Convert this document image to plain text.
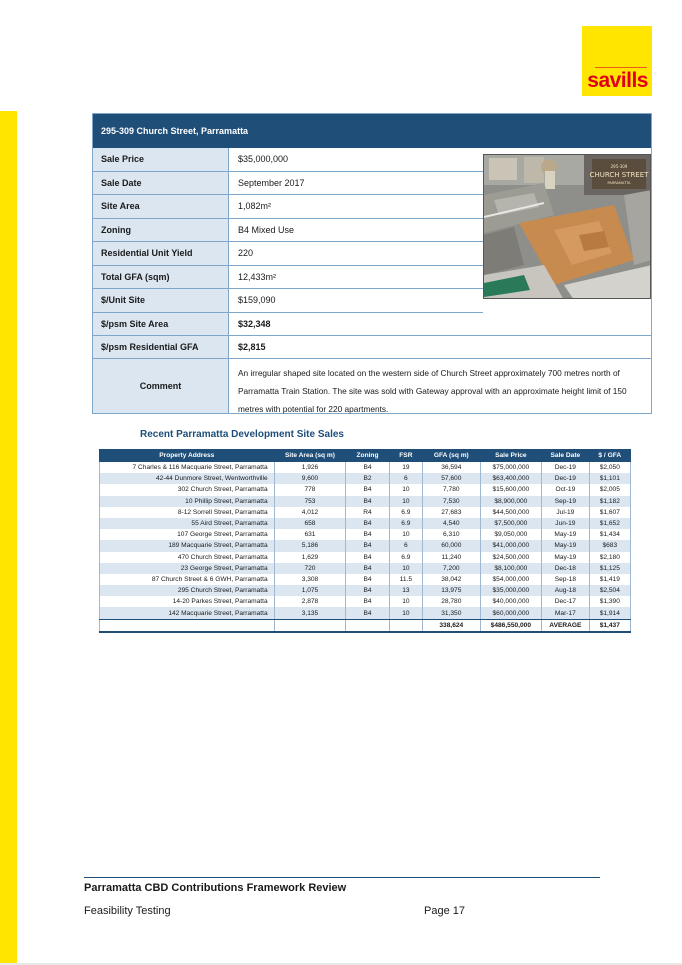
savills
295-309 Church Street, Parramatta
295-309
CHURCH STREET
PARRAMATTA
Sale Price	$35,000,000
Sale Date	September 2017
Site Area	1,082m²
Zoning	B4 Mixed Use
Residential Unit Yield	220
Total GFA (sqm)	12,433m²
$/Unit Site	$159,090
$/psm Site Area	$32,348
$/psm Residential GFA	$2,815
Comment
An irregular shaped site located on the western side of Church Street approximately 700 metres north of Parramatta Train Station. The site was sold with Gateway approval with an approximate height limit of 150 metres with potential for 220 apartments.
Recent Parramatta Development Site Sales
Property Address	Site Area (sq m)	Zoning	FSR	GFA (sq m)	Sale Price	Sale Date	$ / GFA
7 Charles & 116 Macquarie Street, Parramatta	1,926	B4	19	36,594	$75,000,000	Dec-19	$2,050
42-44 Dunmore Street, Wentworthville	9,600	B2	6	57,600	$63,400,000	Dec-19	$1,101
302 Church Street, Parramatta	778	B4	10	7,780	$15,600,000	Oct-19	$2,005
10 Phillip Street, Parramatta	753	B4	10	7,530	$8,900,000	Sep-19	$1,182
8-12 Sorrell Street, Parramatta	4,012	R4	6.9	27,683	$44,500,000	Jul-19	$1,607
55 Aird Street, Parramatta	658	B4	6.9	4,540	$7,500,000	Jun-19	$1,652
107 George Street, Parramatta	631	B4	10	6,310	$9,050,000	May-19	$1,434
189 Macquarie Street, Parramatta	5,186	B4	6	60,000	$41,000,000	May-19	$683
470 Church Street, Parramatta	1,629	B4	6.9	11,240	$24,500,000	May-19	$2,180
23 George Street, Parramatta	720	B4	10	7,200	$8,100,000	Dec-18	$1,125
87 Church Street & 6 GWH, Parramatta	3,308	B4	11.5	38,042	$54,000,000	Sep-18	$1,419
295 Church Street, Parramatta	1,075	B4	13	13,975	$35,000,000	Aug-18	$2,504
14-20 Parkes Street, Parramatta	2,878	B4	10	28,780	$40,000,000	Dec-17	$1,390
142 Macquarie Street, Parramatta	3,135	B4	10	31,350	$60,000,000	Mar-17	$1,914
				338,624	$486,550,000	AVERAGE	$1,437
Parramatta CBD Contributions Framework Review
Feasibility Testing	Page 17
